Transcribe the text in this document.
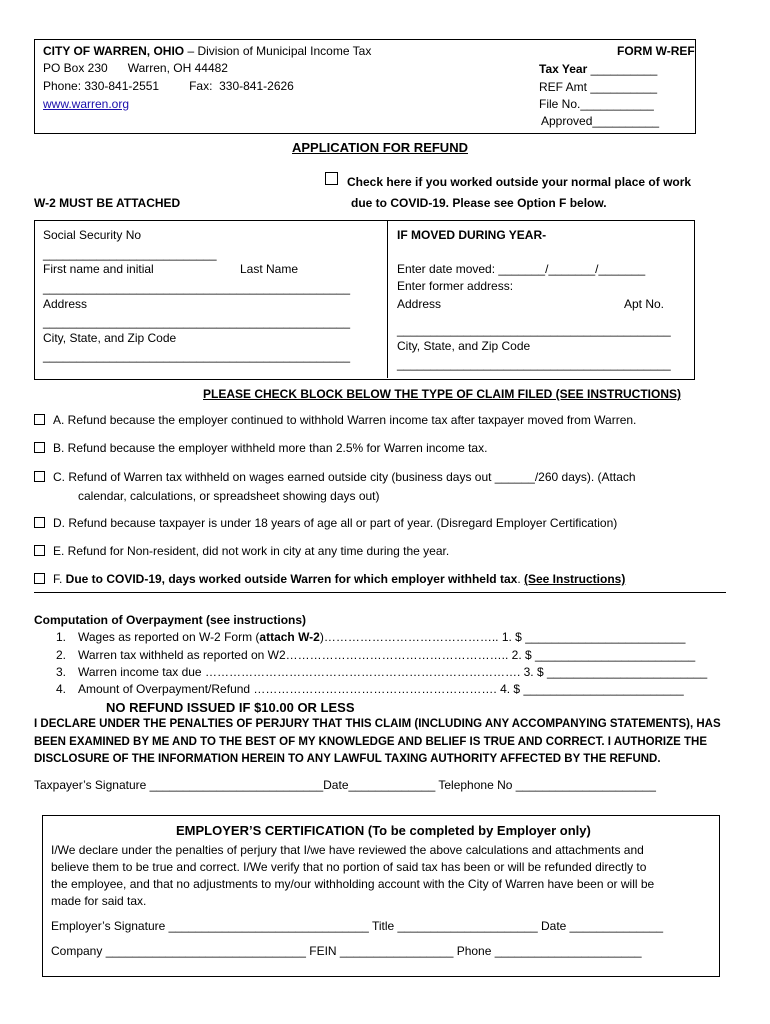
CITY OF WARREN, OHIO – Division of Municipal Income Tax
PO Box 230      Warren, OH 44482
Phone: 330-841-2551         Fax:  330-841-2626
www.warren.org
FORM W-REF
Tax Year __________
REF Amt __________
File No.___________
Approved__________
APPLICATION FOR REFUND
Check here if you worked outside your normal place of work
due to COVID-19. Please see Option F below.
W-2 MUST BE ATTACHED
Social Security No
__________________________
First name and initial	Last Name
______________________________________________
Address
______________________________________________
City, State, and Zip Code
______________________________________________
IF MOVED DURING YEAR-
Enter date moved: _______/_______/_______
Enter former address:
Address	Apt No.
_________________________________________
City, State, and Zip Code
_________________________________________
PLEASE CHECK BLOCK BELOW THE TYPE OF CLAIM FILED (SEE INSTRUCTIONS)
A. Refund because the employer continued to withhold Warren income tax after taxpayer moved from Warren.
B. Refund because the employer withheld more than 2.5% for Warren income tax.
C. Refund of Warren tax withheld on wages earned outside city (business days out ______/260 days). (Attach
calendar, calculations, or spreadsheet showing days out)
D. Refund because taxpayer is under 18 years of age all or part of year. (Disregard Employer Certification)
E. Refund for Non-resident, did not work in city at any time during the year.
F. Due to COVID-19, days worked outside Warren for which employer withheld tax. (See Instructions)
Computation of Overpayment (see instructions)
1. Wages as reported on W-2 Form (attach W-2)…………………………………….. 1. $ ________________________
2. Warren tax withheld as reported on W2……………………………………………….. 2. $ ________________________
3. Warren income tax due ……………………………………………………………………. 3. $ ________________________
4. Amount of Overpayment/Refund ……………………………………………………. 4. $ ________________________
NO REFUND ISSUED IF $10.00 OR LESS
I DECLARE UNDER THE PENALTIES OF PERJURY THAT THIS CLAIM (INCLUDING ANY ACCOMPANYING STATEMENTS), HAS
BEEN EXAMINED BY ME AND TO THE BEST OF MY KNOWLEDGE AND BELIEF IS TRUE AND CORRECT. I AUTHORIZE THE
DISCLOSURE OF THE INFORMATION HEREIN TO ANY LAWFUL TAXING AUTHORITY AFFECTED BY THE REFUND.
Taxpayer’s Signature __________________________Date_____________ Telephone No _____________________
EMPLOYER’S CERTIFICATION (To be completed by Employer only)
I/We declare under the penalties of perjury that I/we have reviewed the above calculations and attachments and
believe them to be true and correct. I/We verify that no portion of said tax has been or will be refunded directly to
the employee, and that no adjustments to my/our withholding account with the City of Warren have been or will be
made for said tax.
Employer’s Signature ______________________________ Title _____________________ Date ______________
Company ______________________________ FEIN _________________ Phone ______________________
